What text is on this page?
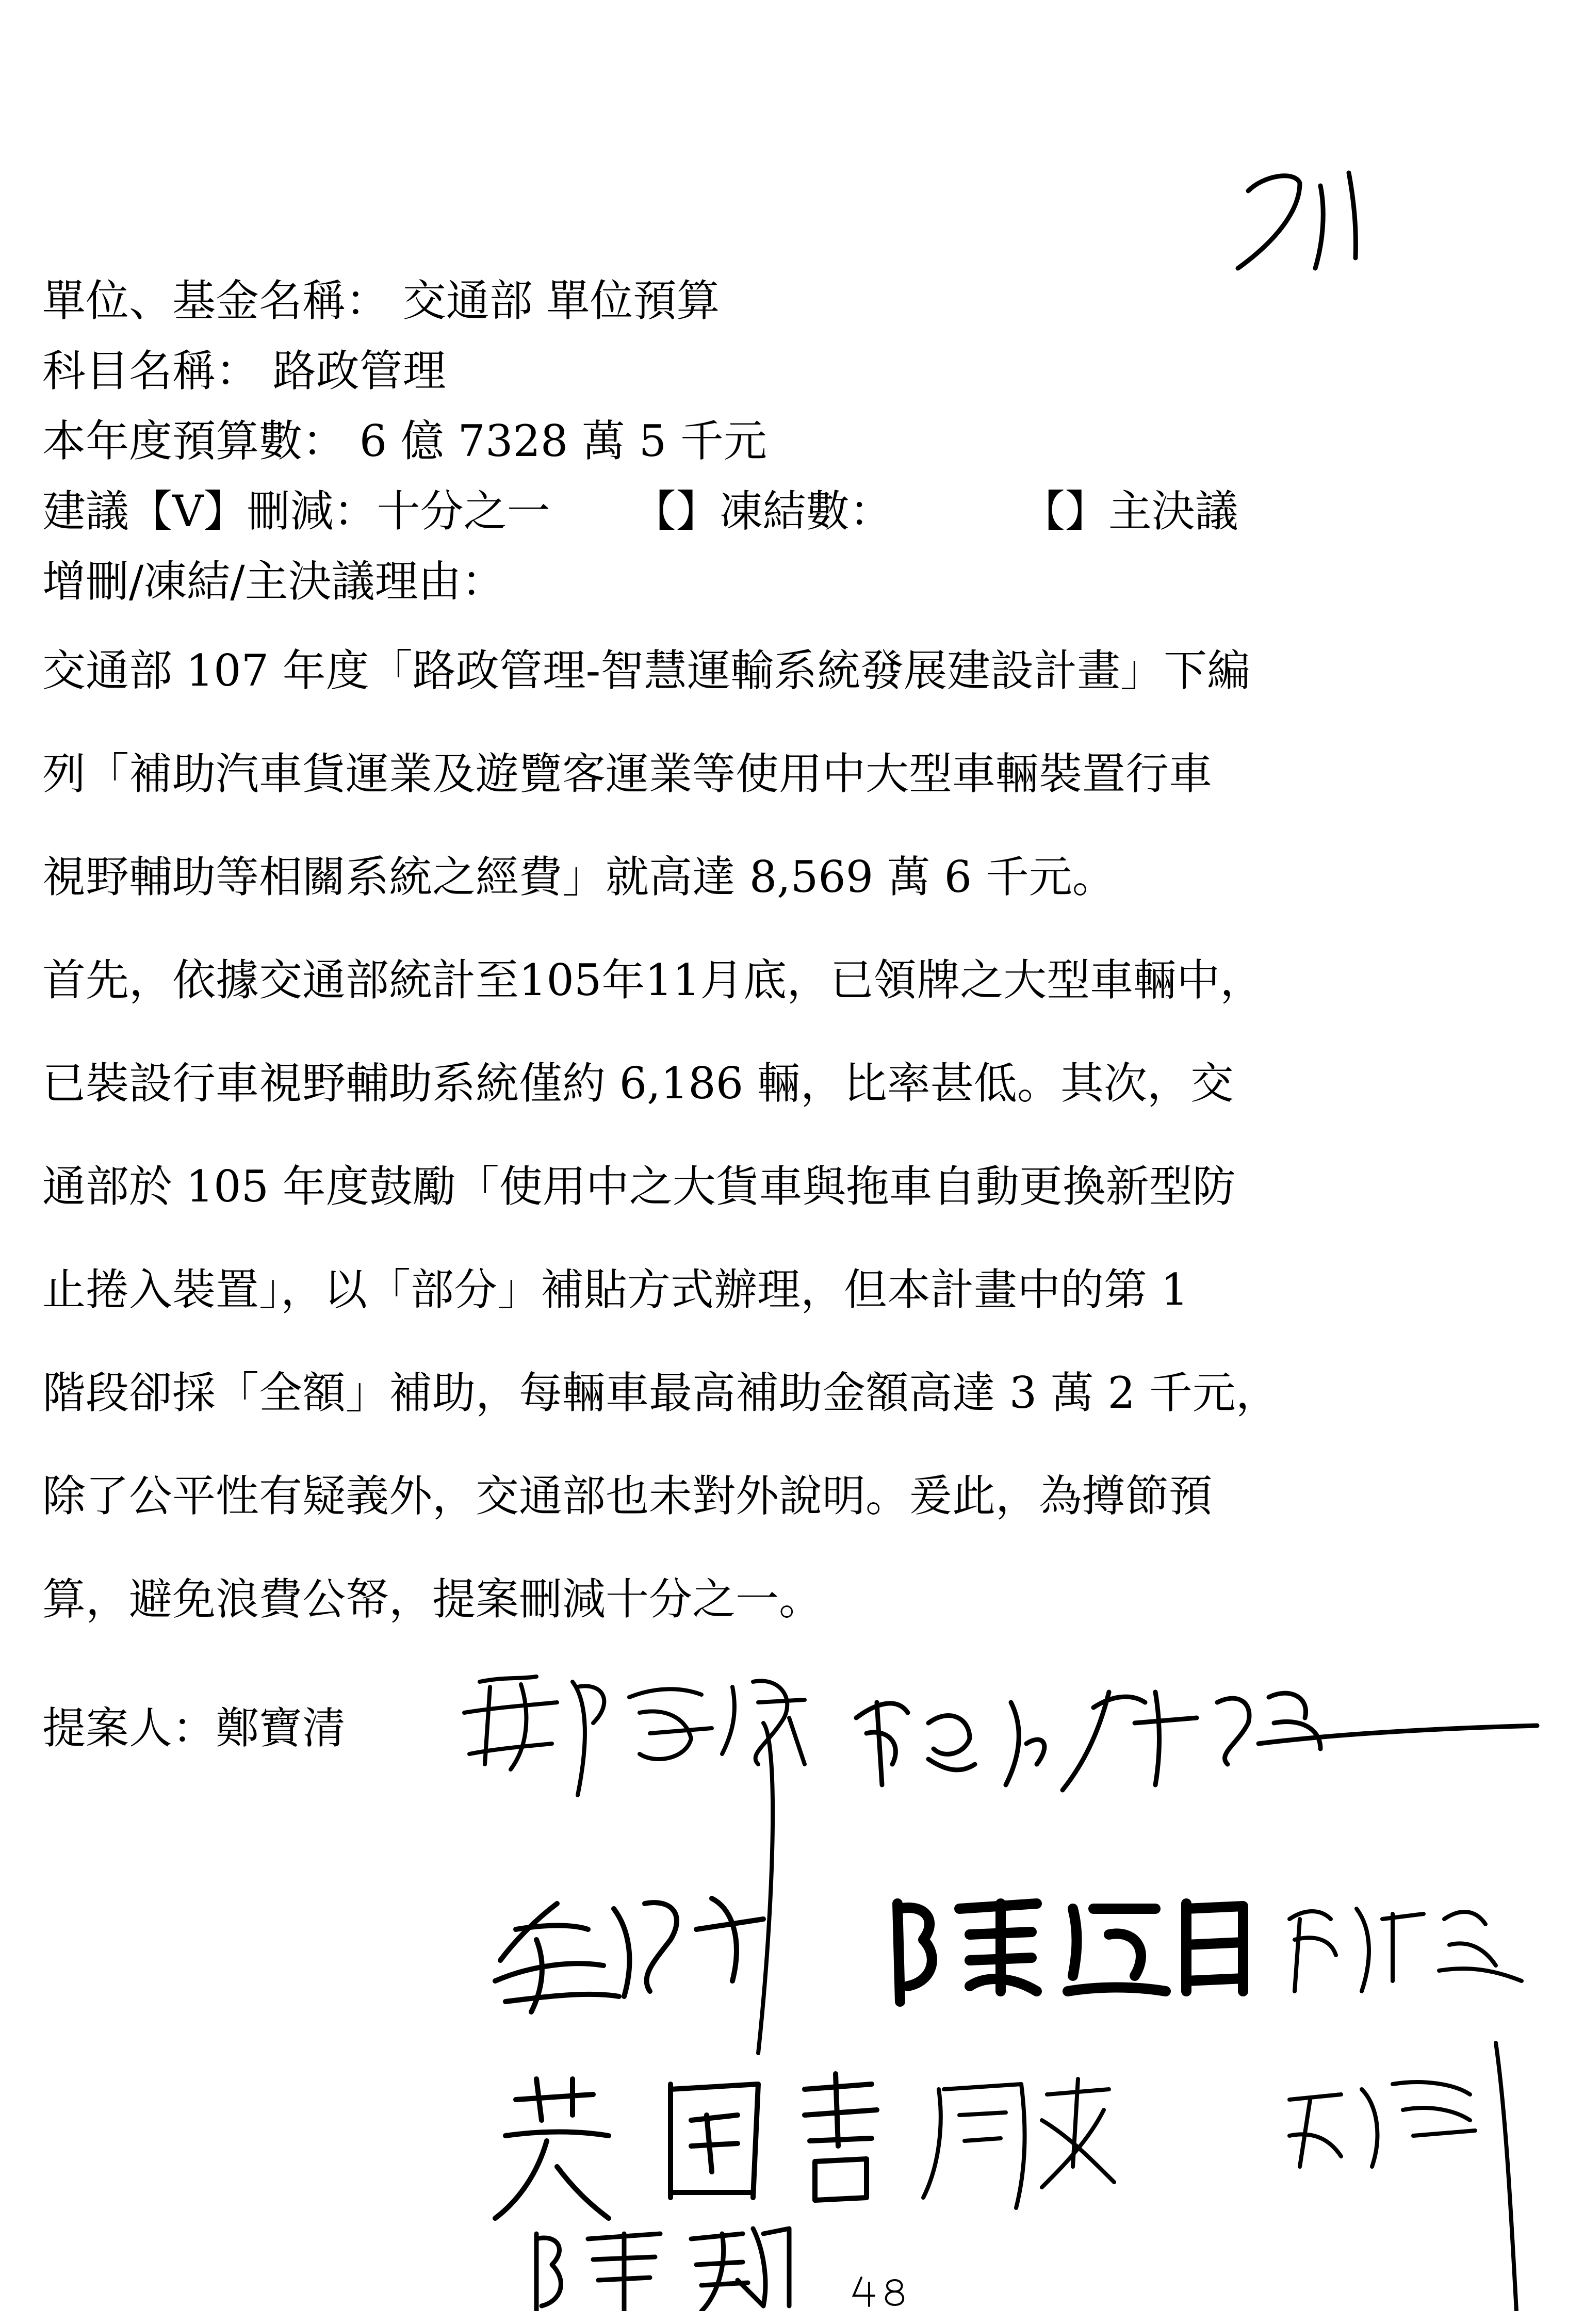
單位、基金名稱： 交通部 單位預算
科目名稱： 路政管理
本年度預算數： 6 億 7328 萬 5 千元
建議【V】刪減：十分之一 【】凍結數：	【】主決議
增刪/凍結/主決議理由：
交通部 107 年度「路政管理-智慧運輸系統發展建設計畫」下編
列「補助汽車貨運業及遊覽客運業等使用中大型車輛裝置行車
視野輔助等相關系統之經費」就高達 8,569 萬 6 千元。
首先，依據交通部統計至105年11月底，已領牌之大型車輛中，
已裝設行車視野輔助系統僅約 6,186 輛，比率甚低。其次，交
通部於 105 年度鼓勵「使用中之大貨車與拖車自動更換新型防
止捲入裝置」，以「部分」補貼方式辦理，但本計畫中的第 1
階段卻採「全額」補助，每輛車最高補助金額高達 3 萬 2 千元，
除了公平性有疑義外，交通部也未對外說明。爰此，為撙節預
算，避免浪費公帑，提案刪減十分之一。
提案人：鄭寶清
